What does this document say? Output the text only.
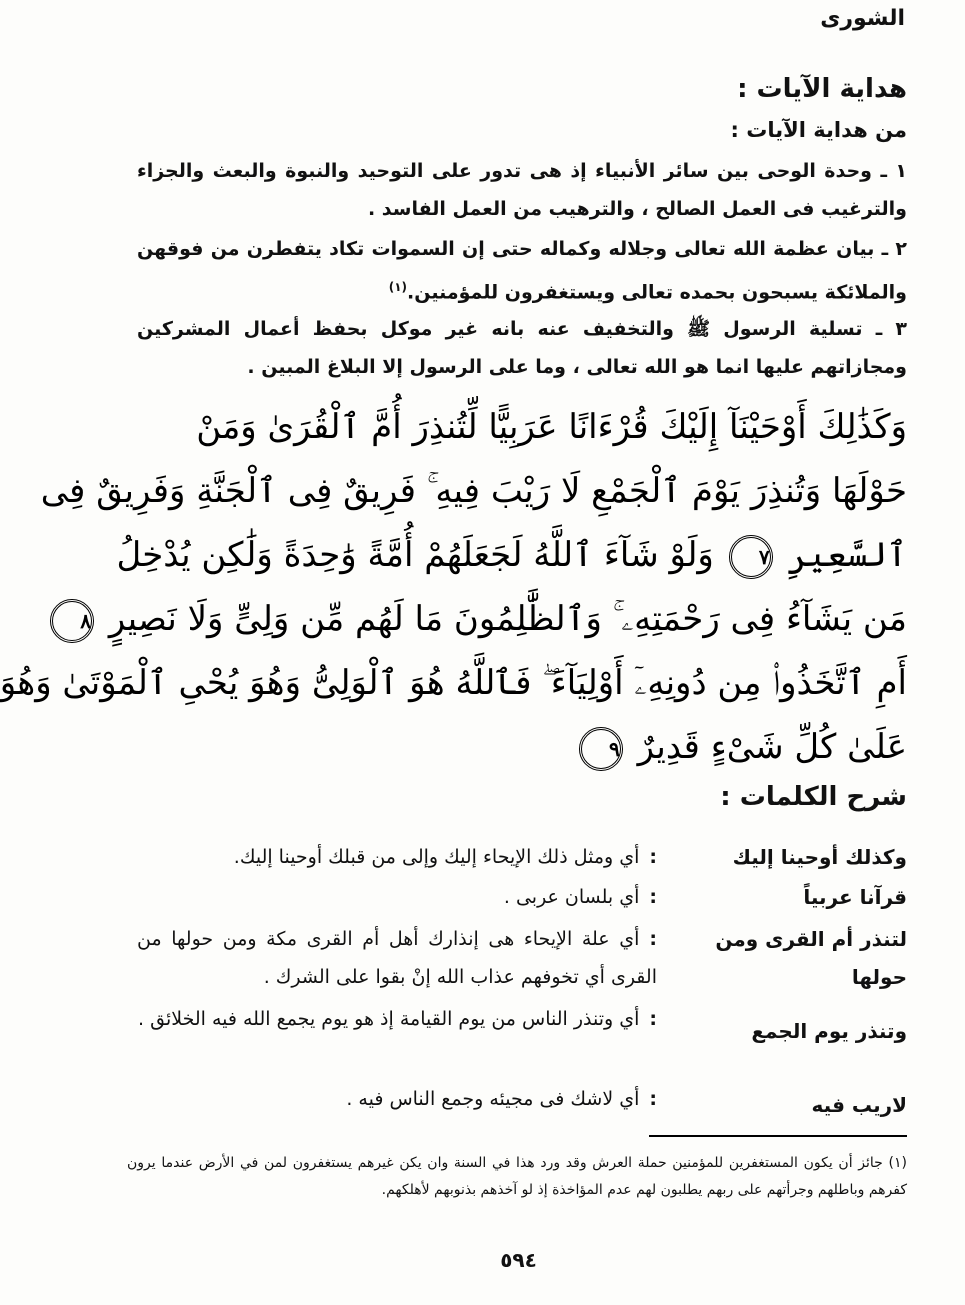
الشورى
هداية الآيات :
من هداية الآيات :

١ ـ وحدة الوحى بين سائر الأنبياء إذ هى تدور على التوحيد والنبوة والبعث والجزاء والترغيب فى العمل الصالح ، والترهيب من العمل الفاسد .

٢ ـ بيان عظمة الله تعالى وجلاله وكماله حتى إن السموات تكاد يتفطرن من فوقهن والملائكة يسبحون بحمده تعالى ويستغفرون للمؤمنين.$^{(١)}$

٣ ـ تسلية الرسول ﷺ والتخفيف عنه بانه غير موكل بحفظ أعمال المشركين ومجازاتهم عليها انما هو الله تعالى ، وما على الرسول إلا البلاغ المبين .

وَكَذَٰلِكَ أَوْحَيْنَآ إِلَيْكَ قُرْءَانًا عَرَبِيًّا لِّتُنذِرَ أُمَّ ٱلْقُرَىٰ وَمَنْ
حَوْلَهَا وَتُنذِرَ يَوْمَ ٱلْجَمْعِ لَا رَيْبَ فِيهِ ۚ فَرِيقٌ فِى ٱلْجَنَّةِ وَفَرِيقٌ فِى
ٱلسَّعِيرِ ٧ وَلَوْ شَآءَ ٱللَّهُ لَجَعَلَهُمْ أُمَّةً وَٰحِدَةً وَلَٰكِن يُدْخِلُ
مَن يَشَآءُ فِى رَحْمَتِهِۦ ۚ وَٱلظَّٰلِمُونَ مَا لَهُم مِّن وَلِىٍّ وَلَا نَصِيرٍ ٨
أَمِ ٱتَّخَذُوا۟ مِن دُونِهِۦٓ أَوْلِيَآءَ ۖ فَٱللَّهُ هُوَ ٱلْوَلِىُّ وَهُوَ يُحْىِ ٱلْمَوْتَىٰ وَهُوَ
عَلَىٰ كُلِّ شَىْءٍ قَدِيرٌ ٩
شرح الكلمات :
وكذلك أوحينا إليك
:أي ومثل ذلك الإيحاء إليك وإلى من قبلك أوحينا إليك.
قرآنا عربياً
:أي بلسان عربى .
لتنذر أم القرى ومن حولها
:أي علة الإيحاء هى إنذارك أهل أم القرى مكة ومن حولها من القرى أي تخوفهم عذاب الله إنْ بقوا على الشرك .
وتنذر يوم الجمع
:أي وتنذر الناس من يوم القيامة إذ هو يوم يجمع الله فيه الخلائق .
لاريب فيه
:أي لاشك فى مجيئه وجمع الناس فيه .
(١) جائز أن يكون المستغفرين للمؤمنين حملة العرش وقد ورد هذا في السنة وان يكن غيرهم يستغفرون لمن في الأرض عندما يرون كفرهم وباطلهم وجرأتهم على ربهم يطلبون لهم عدم المؤاخذة إذ لو آخذهم بذنوبهم لأهلكهم.
٥٩٤
